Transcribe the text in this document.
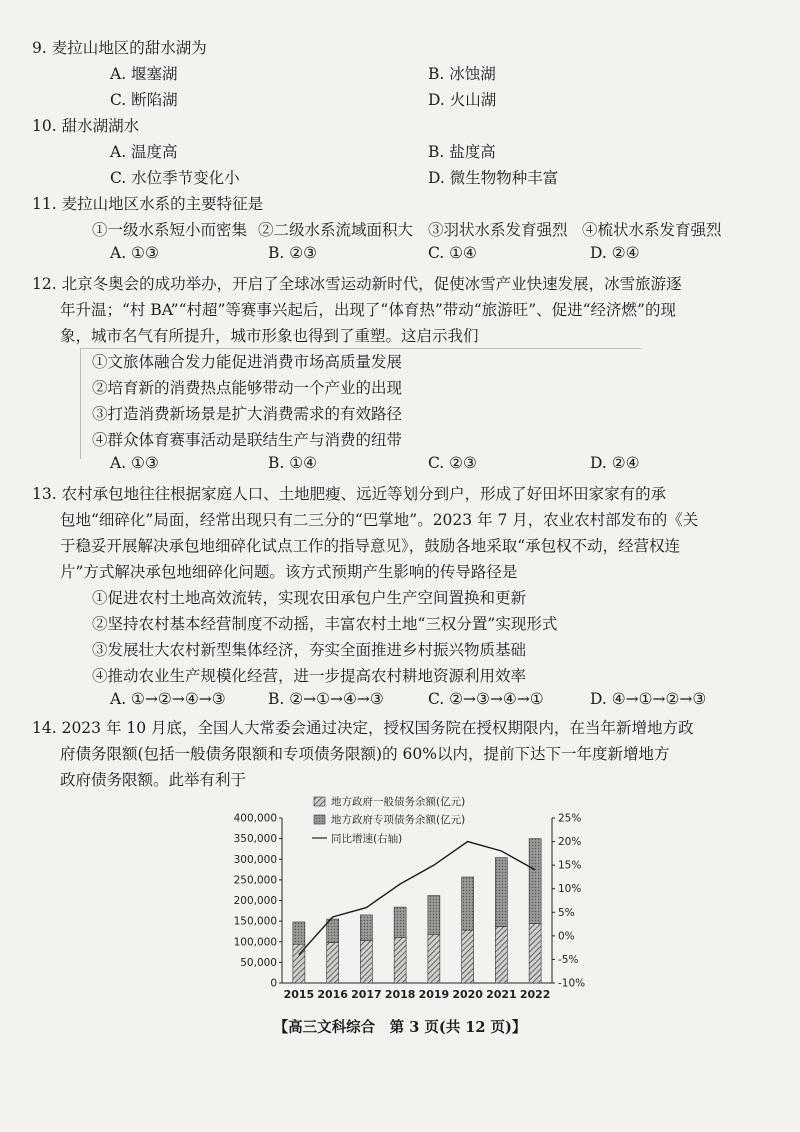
9. 麦拉山地区的甜水湖为
A. 堰塞湖	B. 冰蚀湖
C. 断陷湖	D. 火山湖
10. 甜水湖湖水
A. 温度高	B. 盐度高
C. 水位季节变化小	D. 微生物物种丰富
11. 麦拉山地区水系的主要特征是
①一级水系短小而密集 ②二级水系流域面积大 ③羽状水系发育强烈 ④梳状水系发育强烈
A. ①③	B. ②③	C. ①④	D. ②④
12. 北京冬奥会的成功举办，开启了全球冰雪运动新时代，促使冰雪产业快速发展，冰雪旅游逐
年升温；“村 BA”“村超”等赛事兴起后，出现了“体育热”带动“旅游旺”、促进“经济燃”的现
象，城市名气有所提升，城市形象也得到了重塑。这启示我们
①文旅体融合发力能促进消费市场高质量发展
②培育新的消费热点能够带动一个产业的出现
③打造消费新场景是扩大消费需求的有效路径
④群众体育赛事活动是联结生产与消费的纽带
A. ①③	B. ①④	C. ②③	D. ②④
13. 农村承包地往往根据家庭人口、土地肥瘦、远近等划分到户，形成了好田坏田家家有的承
包地“细碎化”局面，经常出现只有二三分的“巴掌地”。2023 年 7 月，农业农村部发布的《关
于稳妥开展解决承包地细碎化试点工作的指导意见》，鼓励各地采取“承包权不动，经营权连
片”方式解决承包地细碎化问题。该方式预期产生影响的传导路径是
①促进农村土地高效流转，实现农田承包户生产空间置换和更新
②坚持农村基本经营制度不动摇，丰富农村土地“三权分置”实现形式
③发展壮大农村新型集体经济，夯实全面推进乡村振兴物质基础
④推动农业生产规模化经营，进一步提高农村耕地资源利用效率
A. ①→②→④→③	B. ②→①→④→③	C. ②→③→④→①	D. ④→①→②→③
14. 2023 年 10 月底，全国人大常委会通过决定，授权国务院在授权期限内，在当年新增地方政
府债务限额(包括一般债务限额和专项债务限额)的 60%以内，提前下达下一年度新增地方
政府债务限额。此举有利于
400,000
350,000
300,000
250,000
200,000
150,000
100,000
50,000
0
25%
20%
15%
10%
5%
0%
-5%
-10%
2015 2016 2017 2018 2019 2020 2021 2022
地方政府一般债务余额(亿元)
地方政府专项债务余额(亿元)
同比增速(右轴)
【高三文科综合　第 3 页(共 12 页)】
